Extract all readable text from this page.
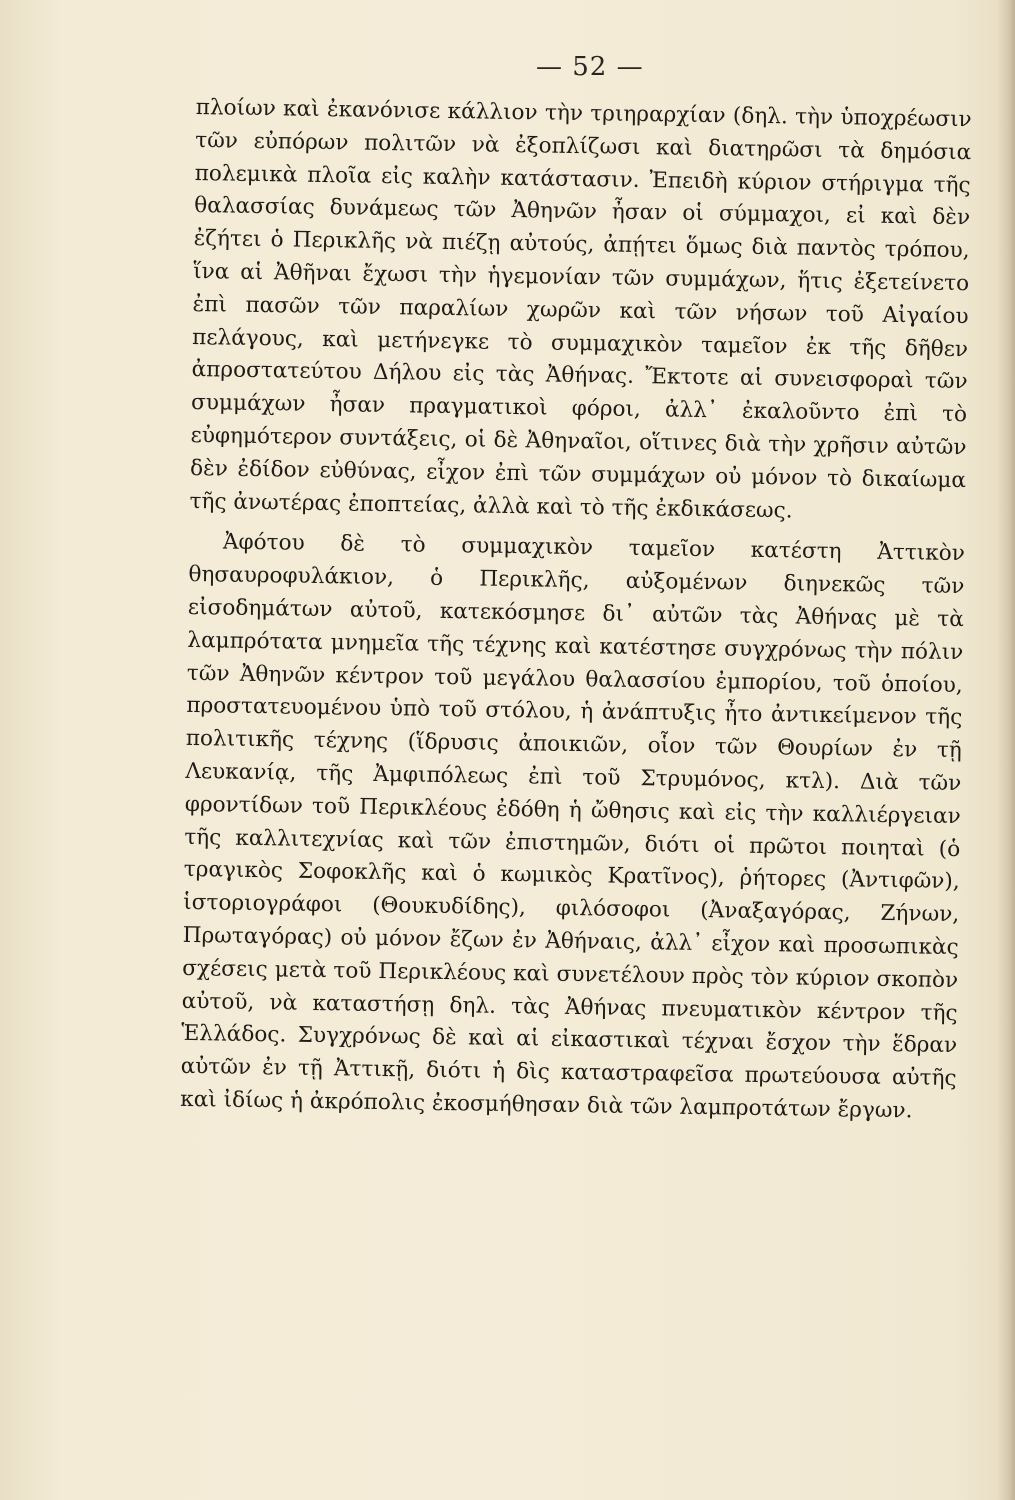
— 52 —

πλοίων καὶ ἐκανόνισε κάλλιον τὴν τριηραρχίαν (δηλ. τὴν ὑποχρέωσιν τῶν εὐπόρων πολιτῶν νὰ ἐξοπλίζωσι καὶ διατηρῶσι τὰ δημόσια πολεμικὰ πλοῖα εἰς καλὴν κατάστασιν. Ἐπειδὴ κύριον στήριγμα τῆς θαλασσίας δυνάμεως τῶν Ἀθηνῶν ἦσαν οἱ σύμμαχοι, εἰ καὶ δὲν ἐζήτει ὁ Περικλῆς νὰ πιέζῃ αὐτούς, ἀπῄτει ὅμως διὰ παντὸς τρόπου, ἵνα αἱ Ἀθῆναι ἔχωσι τὴν ἡγεμονίαν τῶν συμμάχων, ἥτις ἐξετείνετο ἐπὶ πασῶν τῶν παραλίων χωρῶν καὶ τῶν νήσων τοῦ Αἰγαίου πελάγους, καὶ μετήνεγκε τὸ συμμαχικὸν ταμεῖον ἐκ τῆς δῆθεν ἀπροστατεύτου Δήλου εἰς τὰς Ἀθήνας. Ἔκτοτε αἱ συνεισφοραὶ τῶν συμμάχων ἦσαν πραγματικοὶ φόροι, ἀλλ᾽ ἐκαλοῦντο ἐπὶ τὸ εὐφημότερον συντάξεις, οἱ δὲ Ἀθηναῖοι, οἵτινες διὰ τὴν χρῆσιν αὐτῶν δὲν ἐδίδον εὐθύνας, εἶχον ἐπὶ τῶν συμμάχων οὐ μόνον τὸ δικαίωμα τῆς ἀνωτέρας ἐποπτείας, ἀλλὰ καὶ τὸ τῆς ἐκδικάσεως.

Ἀφότου δὲ τὸ συμμαχικὸν ταμεῖον κατέστη Ἀττικὸν θησαυροφυλάκιον, ὁ Περικλῆς, αὐξομένων διηνεκῶς τῶν εἰσοδημάτων αὐτοῦ, κατεκόσμησε δι᾽ αὐτῶν τὰς Ἀθήνας μὲ τὰ λαμπρότατα μνημεῖα τῆς τέχνης καὶ κατέστησε συγχρόνως τὴν πόλιν τῶν Ἀθηνῶν κέντρον τοῦ μεγάλου θαλασσίου ἐμπορίου, τοῦ ὁποίου, προστατευομένου ὑπὸ τοῦ στόλου, ἡ ἀνάπτυξις ἦτο ἀντικείμενον τῆς πολιτικῆς τέχνης (ἵδρυσις ἀποικιῶν, οἷον τῶν Θουρίων ἐν τῇ Λευκανίᾳ, τῆς Ἀμφιπόλεως ἐπὶ τοῦ Στρυμόνος, κτλ). Διὰ τῶν φροντίδων τοῦ Περικλέους ἐδόθη ἡ ὤθησις καὶ εἰς τὴν καλλιέργειαν τῆς καλλιτεχνίας καὶ τῶν ἐπιστημῶν, διότι οἱ πρῶτοι ποιηταὶ (ὁ τραγικὸς Σοφοκλῆς καὶ ὁ κωμικὸς Κρατῖνος), ῥήτορες (Ἀντιφῶν), ἱστοριογράφοι (Θουκυδίδης), φιλόσοφοι (Ἀναξαγόρας, Ζήνων, Πρωταγόρας) οὐ μόνον ἔζων ἐν Ἀθήναις, ἀλλ᾽ εἶχον καὶ προσωπικὰς σχέσεις μετὰ τοῦ Περικλέους καὶ συνετέλουν πρὸς τὸν κύριον σκοπὸν αὐτοῦ, νὰ καταστήσῃ δηλ. τὰς Ἀθήνας πνευματικὸν κέντρον τῆς Ἑλλάδος. Συγχρόνως δὲ καὶ αἱ εἰκαστικαὶ τέχναι ἔσχον τὴν ἕδραν αὐτῶν ἐν τῇ Ἀττικῇ, διότι ἡ δὶς καταστραφεῖσα πρωτεύουσα αὐτῆς καὶ ἰδίως ἡ ἀκρόπολις ἐκοσμήθησαν διὰ τῶν λαμπροτάτων ἔργων.
